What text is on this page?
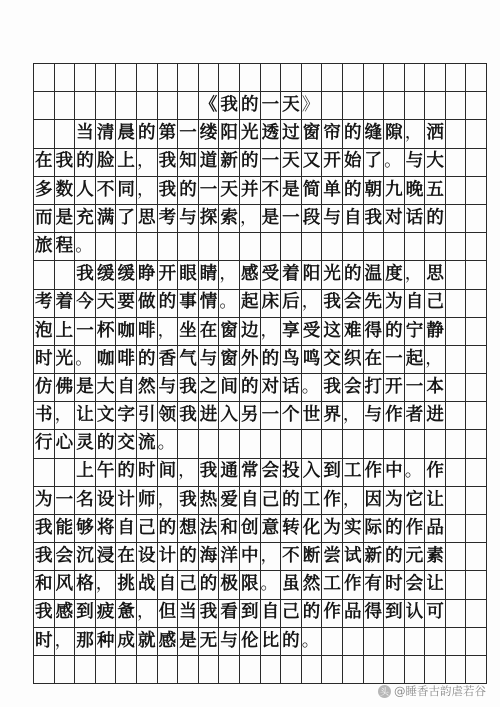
《 我 的 一 天 》
当 清 晨 的 第 一 缕 阳 光 透 过 窗 帘 的 缝 隙 ， 洒
在 我 的 脸 上 ， 我 知 道 新 的 一 天 又 开 始 了 。 与 大
多 数 人 不 同 ， 我 的 一 天 并 不 是 简 单 的 朝 九 晚 五
而 是 充 满 了 思 考 与 探 索 ， 是 一 段 与 自 我 对 话 的
旅 程 。
我 缓 缓 睁 开 眼 睛 ， 感 受 着 阳 光 的 温 度 ， 思
考 着 今 天 要 做 的 事 情 。 起 床 后 ， 我 会 先 为 自 己
泡 上 一 杯 咖 啡 ， 坐 在 窗 边 ， 享 受 这 难 得 的 宁 静
时 光 。 咖 啡 的 香 气 与 窗 外 的 鸟 鸣 交 织 在 一 起 ，
仿 佛 是 大 自 然 与 我 之 间 的 对 话 。 我 会 打 开 一 本
书 ， 让 文 字 引 领 我 进 入 另 一 个 世 界 ， 与 作 者 进
行 心 灵 的 交 流 。
上 午 的 时 间 ， 我 通 常 会 投 入 到 工 作 中 。 作
为 一 名 设 计 师 ， 我 热 爱 自 己 的 工 作 ， 因 为 它 让
我 能 够 将 自 己 的 想 法 和 创 意 转 化 为 实 际 的 作 品
我 会 沉 浸 在 设 计 的 海 洋 中 ， 不 断 尝 试 新 的 元 素
和 风 格 ， 挑 战 自 己 的 极 限 。 虽 然 工 作 有 时 会 让
我 感 到 疲 惫 ， 但 当 我 看 到 自 己 的 作 品 得 到 认 可
时 ， 那 种 成 就 感 是 无 与 伦 比 的 。
头 @睡香古韵虐若谷
